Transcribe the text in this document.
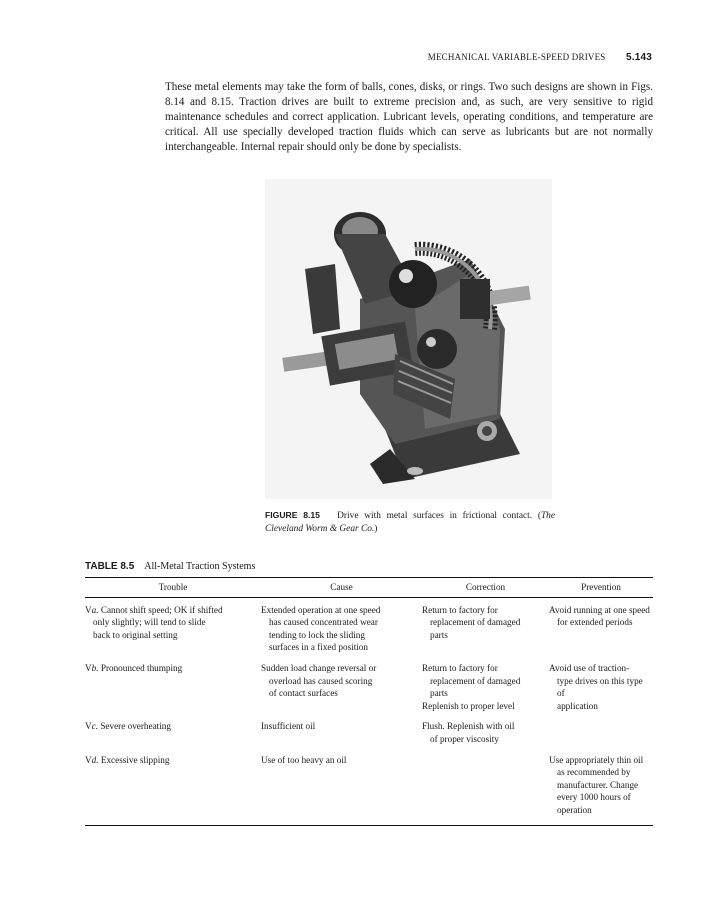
MECHANICAL VARIABLE-SPEED DRIVES 5.143

These metal elements may take the form of balls, cones, disks, or rings. Two such designs are shown in Figs. 8.14 and 8.15. Traction drives are built to extreme precision and, as such, are very sensitive to rigid maintenance schedules and correct application. Lubricant levels, operating conditions, and temperature are critical. All use specially developed traction fluids which can serve as lubricants but are not normally interchangeable. Internal repair should only be done by specialists.

FIGURE 8.15 Drive with metal surfaces in frictional contact. (The Cleveland Worm & Gear Co.)

TABLE 8.5 All-Metal Traction Systems
Trouble	Cause	Correction	Prevention

Va. Cannot shift speed; OK if shifted
only slightly; will tend to slide
back to original setting	Extended operation at one speed
has caused concentrated wear
tending to lock the sliding
surfaces in a fixed position	Return to factory for
replacement of damaged
parts	Avoid running at one speed
for extended periods

Vb. Pronounced thumping	Sudden load change reversal or
overload has caused scoring
of contact surfaces	Return to factory for
replacement of damaged
parts
Replenish to proper level	Avoid use of traction-
type drives on this type of
application

Vc. Severe overheating	Insufficient oil	Flush. Replenish with oil
of proper viscosity	

Vd. Excessive slipping	Use of too heavy an oil		Use appropriately thin oil
as recommended by
manufacturer. Change
every 1000 hours of
operation
